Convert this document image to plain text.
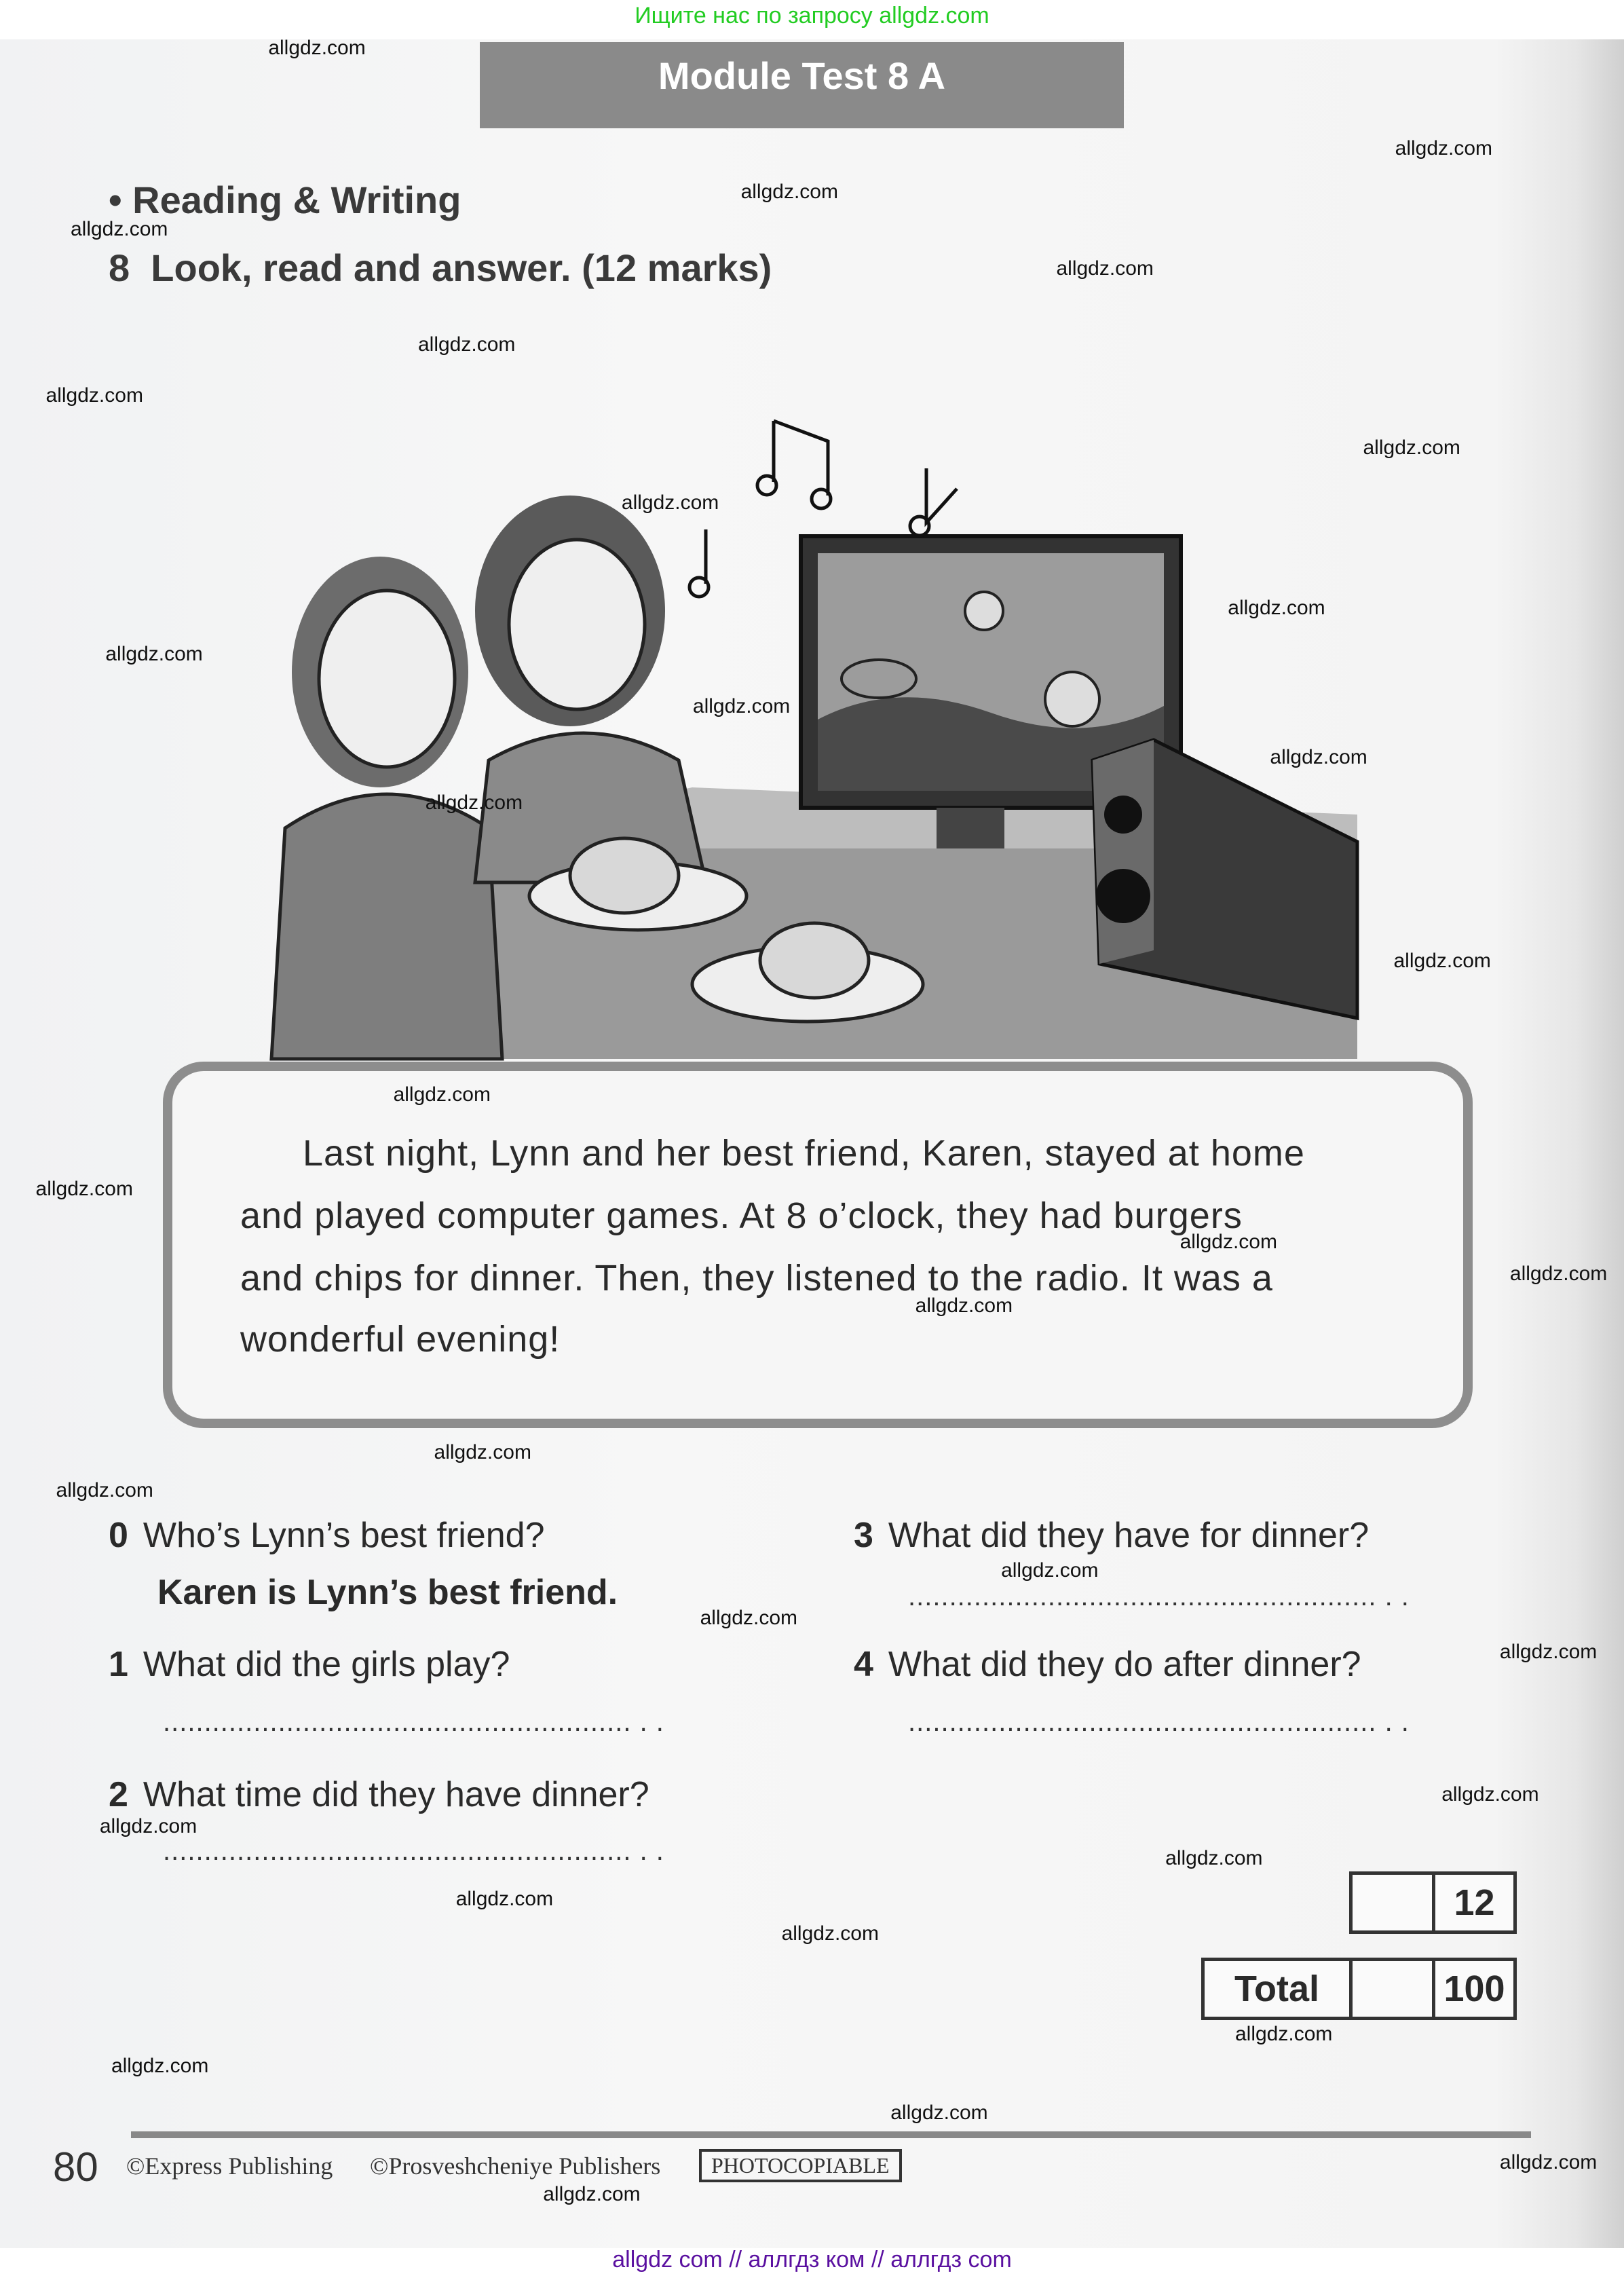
Ищите нас по запросу allgdz.com
Module Test 8 A
• Reading & Writing
8 Look, read and answer. (12 marks)
Last night, Lynn and her best friend, Karen, stayed at home
and played computer games. At 8 o’clock, they had burgers
and chips for dinner. Then, they listened to the radio. It was a
wonderful evening!
0 Who’s Lynn’s best friend?
Karen is Lynn’s best friend.
1 What did the girls play?
......................................................... . .
2 What time did they have dinner?
......................................................... . .
3 What did they have for dinner?
......................................................... . .
4 What did they do after dinner?
......................................................... . .
12
Total	100
80 ©Express Publishing ©Prosveshcheniye Publishers	PHOTOCOPIABLE
allgdz com // аллгдз ком // аллгдз com
allgdz.com
allgdz.com
allgdz.com
allgdz.com
allgdz.com
allgdz.com
allgdz.com
allgdz.com
allgdz.com
allgdz.com
allgdz.com
allgdz.com
allgdz.com
allgdz.com
allgdz.com
allgdz.com
allgdz.com
allgdz.com
allgdz.com
allgdz.com
allgdz.com
allgdz.com
allgdz.com
allgdz.com
allgdz.com
allgdz.com
allgdz.com
allgdz.com
allgdz.com
allgdz.com
allgdz.com
allgdz.com
allgdz.com
allgdz.com
allgdz.com
